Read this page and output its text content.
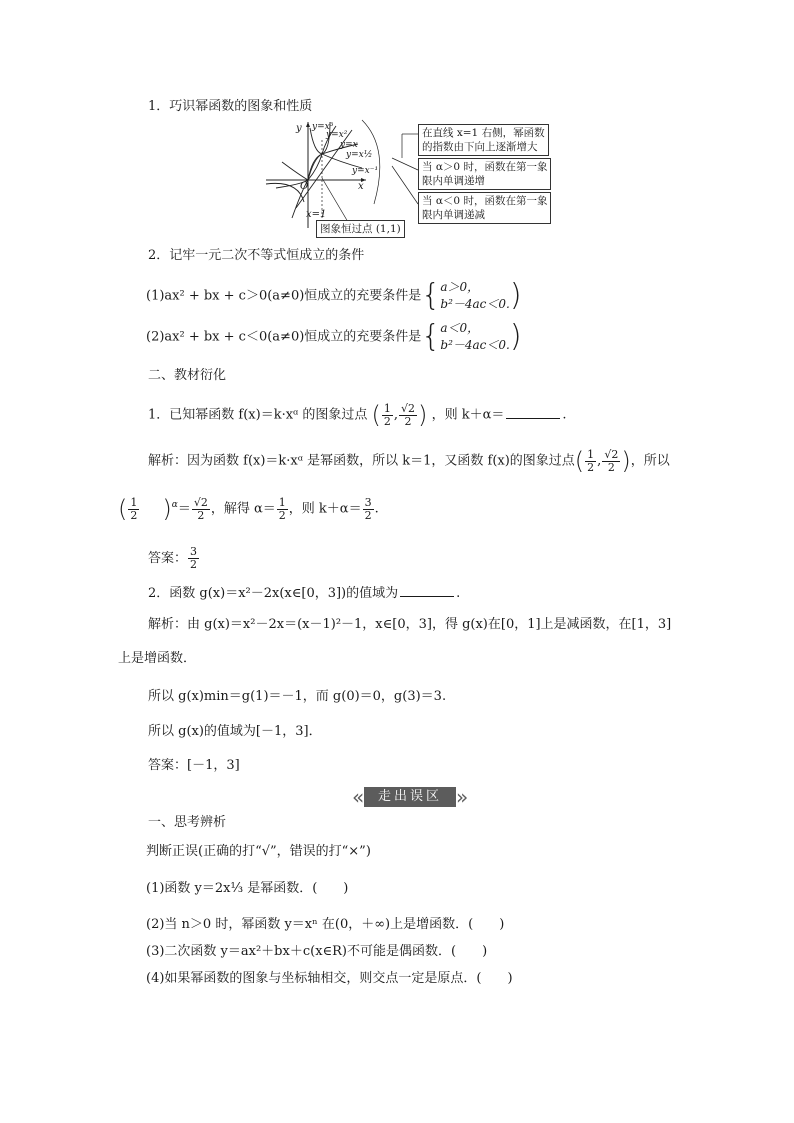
1．巧识幂函数的图象和性质
y
x
O
x=1
y=x³
y=x²
y=x
y=x½
y=x⁻¹
在直线 x=1 右侧，幂函数
的指数由下向上逐渐增大
当 α＞0 时，函数在第一象
限内单调递增
当 α＜0 时，函数在第一象
限内单调递减
图象恒过点 (1,1)
2．记牢一元二次不等式恒成立的条件
(1)ax² + bx + c＞0(a≠0)恒成立的充要条件是{a＞0，
b²－4ac＜0.)
(2)ax² + bx + c＜0(a≠0)恒成立的充要条件是{a＜0，
b²－4ac＜0.)
二、教材衍化
1．已知幂函数 f(x)＝k·xᵅ 的图象过点 ( $\frac{1}{2}$ , $\frac{√2}{2}$ ) ，则 k＋α＝	.
解析：因为函数 f(x)＝k·xᵅ 是幂函数，所以 k＝1，又函数 f(x)的图象过点( $\frac{1}{2}$ , $\frac{√2}{2}$ )，所以
( $\frac{1}{2} )^\alpha= \frac{√2}{2}$ ，解得 $\alpha= \frac{1}{2}$ ，则 $k+\alpha= \frac{3}{2}$ .
答案： $\frac{3}{2}$
2．函数 g(x)＝x²－2x(x∈[0，3])的值域为	.
解析：由 g(x)＝x²－2x＝(x－1)²－1，x∈[0，3]，得 g(x)在[0，1]上是减函数，在[1，3]
上是增函数．
所以 g(x)min＝g(1)＝－1，而 g(0)＝0，g(3)＝3.
所以 g(x)的值域为[－1，3]．
答案：[－1，3]
«	走出误区 »
一、思考辨析
判断正误(正确的打“√”，错误的打“×”)
(1)函数 y＝2x⅓ 是幂函数．(　　)
(2)当 n＞0 时，幂函数 y＝xⁿ 在(0，＋∞)上是增函数．(　　)
(3)二次函数 y＝ax²＋bx＋c(x∈R)不可能是偶函数．(　　)
(4)如果幂函数的图象与坐标轴相交，则交点一定是原点．(　　)
